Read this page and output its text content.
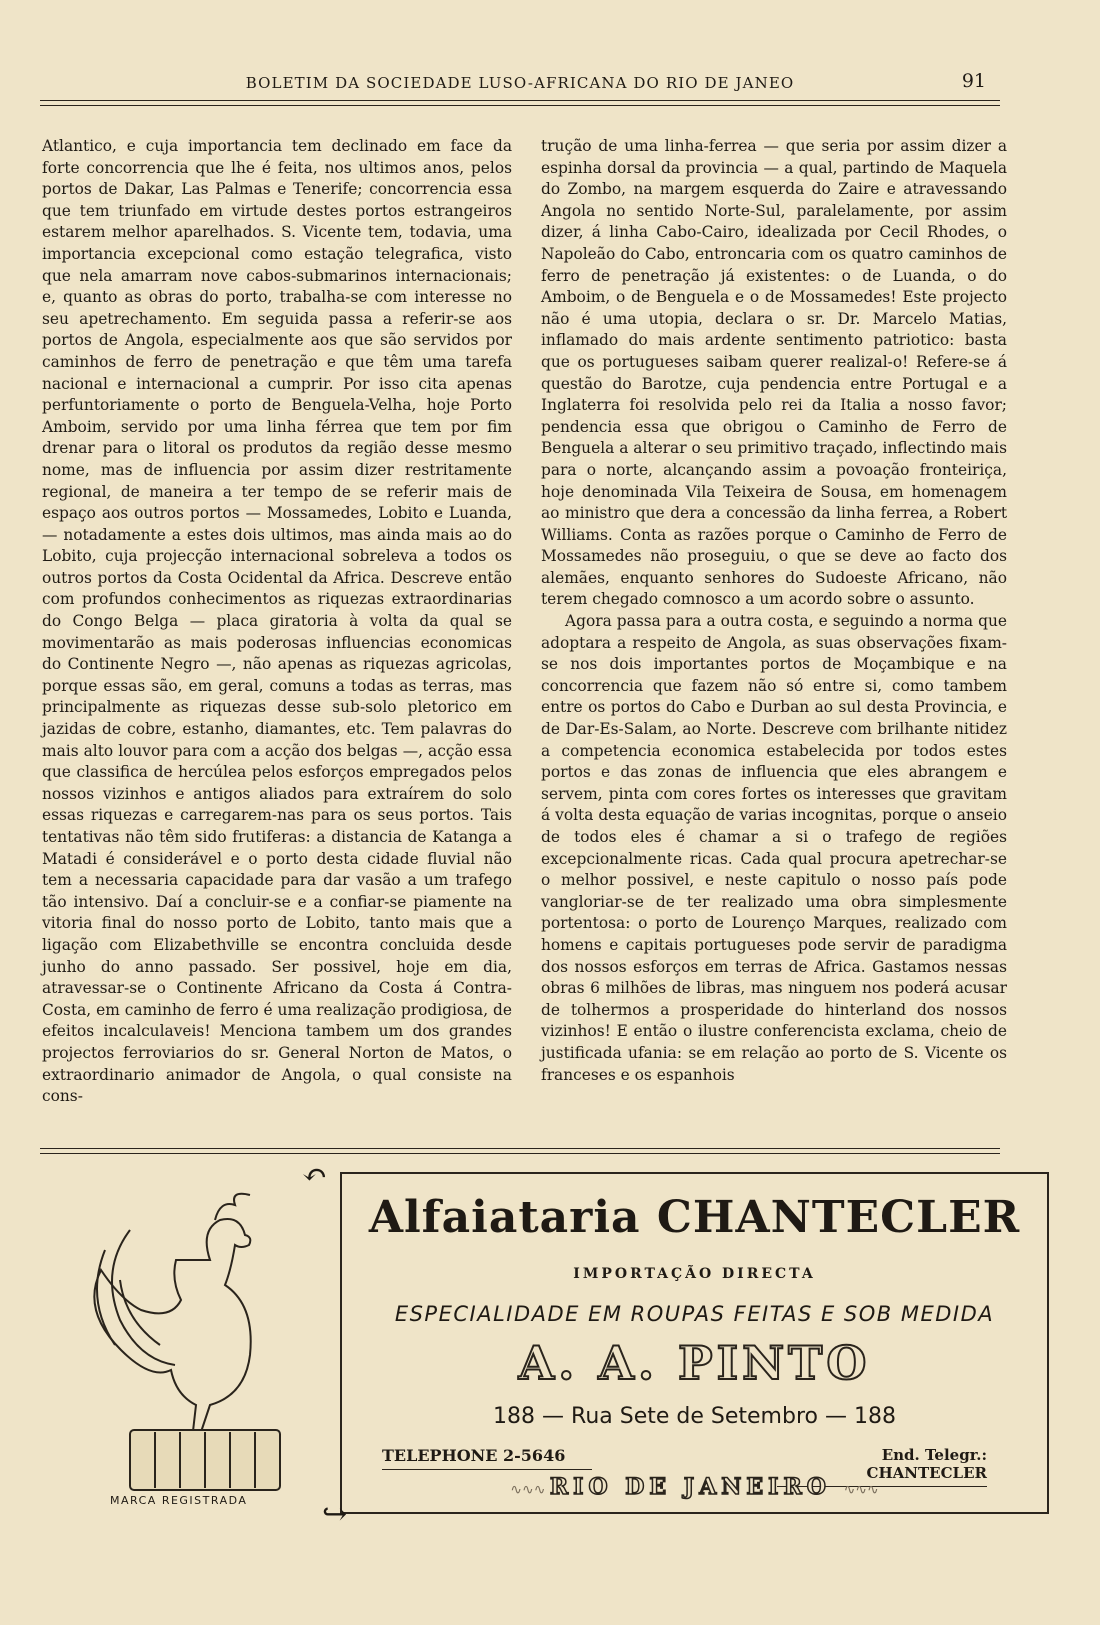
BOLETIM DA SOCIEDADE LUSO-AFRICANA DO RIO DE JANEO	91

Atlantico, e cuja importancia tem declinado em face da forte concorrencia que lhe é feita, nos ultimos anos, pelos portos de Dakar, Las Palmas e Tenerife; concorrencia essa que tem triunfado em virtude destes portos estrangeiros estarem melhor aparelhados. S. Vicente tem, todavia, uma importancia excepcional como estação telegrafica, visto que nela amarram nove cabos-submarinos internacionais; e, quanto as obras do porto, trabalha-se com interesse no seu apetrechamento. Em seguida passa a referir-se aos portos de Angola, especialmente aos que são servidos por caminhos de ferro de penetração e que têm uma tarefa nacional e internacional a cumprir. Por isso cita apenas perfuntoriamente o porto de Benguela-Velha, hoje Porto Amboim, servido por uma linha férrea que tem por fim drenar para o litoral os produtos da região desse mesmo nome, mas de influencia por assim dizer restritamente regional, de maneira a ter tempo de se referir mais de espaço aos outros portos — Mossamedes, Lobito e Luanda, — notadamente a estes dois ultimos, mas ainda mais ao do Lobito, cuja projecção internacional sobreleva a todos os outros portos da Costa Ocidental da Africa. Descreve então com profundos conhecimentos as riquezas extraordinarias do Congo Belga — placa giratoria à volta da qual se movimentarão as mais poderosas influencias economicas do Continente Negro —, não apenas as riquezas agricolas, porque essas são, em geral, comuns a todas as terras, mas principalmente as riquezas desse sub-solo pletorico em jazidas de cobre, estanho, diamantes, etc. Tem palavras do mais alto louvor para com a acção dos belgas —, acção essa que classifica de hercúlea pelos esforços empregados pelos nossos vizinhos e antigos aliados para extraírem do solo essas riquezas e carregarem-nas para os seus portos. Tais tentativas não têm sido frutiferas: a distancia de Katanga a Matadi é considerável e o porto desta cidade fluvial não tem a necessaria capacidade para dar vasão a um trafego tão intensivo. Daí a concluir-se e a confiar-se piamente na vitoria final do nosso porto de Lobito, tanto mais que a ligação com Elizabethville se encontra concluida desde junho do anno passado. Ser possivel, hoje em dia, atravessar-se o Continente Africano da Costa á Contra-Costa, em caminho de ferro é uma realização prodigiosa, de efeitos incalculaveis! Menciona tambem um dos grandes projectos ferroviarios do sr. General Norton de Matos, o extraordinario animador de Angola, o qual consiste na cons-

trução de uma linha-ferrea — que seria por assim dizer a espinha dorsal da provincia — a qual, partindo de Maquela do Zombo, na margem esquerda do Zaire e atravessando Angola no sentido Norte-Sul, paralelamente, por assim dizer, á linha Cabo-Cairo, idealizada por Cecil Rhodes, o Napoleão do Cabo, entroncaria com os quatro caminhos de ferro de penetração já existentes: o de Luanda, o do Amboim, o de Benguela e o de Mossamedes! Este projecto não é uma utopia, declara o sr. Dr. Marcelo Matias, inflamado do mais ardente sentimento patriotico: basta que os portugueses saibam querer realizal-o! Refere-se á questão do Barotze, cuja pendencia entre Portugal e a Inglaterra foi resolvida pelo rei da Italia a nosso favor; pendencia essa que obrigou o Caminho de Ferro de Benguela a alterar o seu primitivo traçado, inflectindo mais para o norte, alcançando assim a povoação fronteiriça, hoje denominada Vila Teixeira de Sousa, em homenagem ao ministro que dera a concessão da linha ferrea, a Robert Williams. Conta as razões porque o Caminho de Ferro de Mossamedes não proseguiu, o que se deve ao facto dos alemães, enquanto senhores do Sudoeste Africano, não terem chegado comnosco a um acordo sobre o assunto.

Agora passa para a outra costa, e seguindo a norma que adoptara a respeito de Angola, as suas observações fixam-se nos dois importantes portos de Moçambique e na concorrencia que fazem não só entre si, como tambem entre os portos do Cabo e Durban ao sul desta Provincia, e de Dar-Es-Salam, ao Norte. Descreve com brilhante nitidez a competencia economica estabelecida por todos estes portos e das zonas de influencia que eles abrangem e servem, pinta com cores fortes os interesses que gravitam á volta desta equação de varias incognitas, porque o anseio de todos eles é chamar a si o trafego de regiões excepcionalmente ricas. Cada qual procura apetrechar-se o melhor possivel, e neste capitulo o nosso país pode vangloriar-se de ter realizado uma obra simplesmente portentosa: o porto de Lourenço Marques, realizado com homens e capitais portugueses pode servir de paradigma dos nossos esforços em terras de Africa. Gastamos nessas obras 6 milhões de libras, mas ninguem nos poderá acusar de tolhermos a prosperidade do hinterland dos nossos vizinhos! E então o ilustre conferencista exclama, cheio de justificada ufania: se em relação ao porto de S. Vicente os franceses e os espanhois

MARCA REGISTRADA
↶
↪
Alfaiataria CHANTECLER
IMPORTAÇÃO DIRECTA
ESPECIALIDADE EM ROUPAS FEITAS E SOB MEDIDA
A. A. PINTO
188 — Rua Sete de Setembro — 188
TELEPHONE 2-5646	End. Telegr.: CHANTECLER
∿∿∿ RIO DE JANEIRO ∿∿∿
